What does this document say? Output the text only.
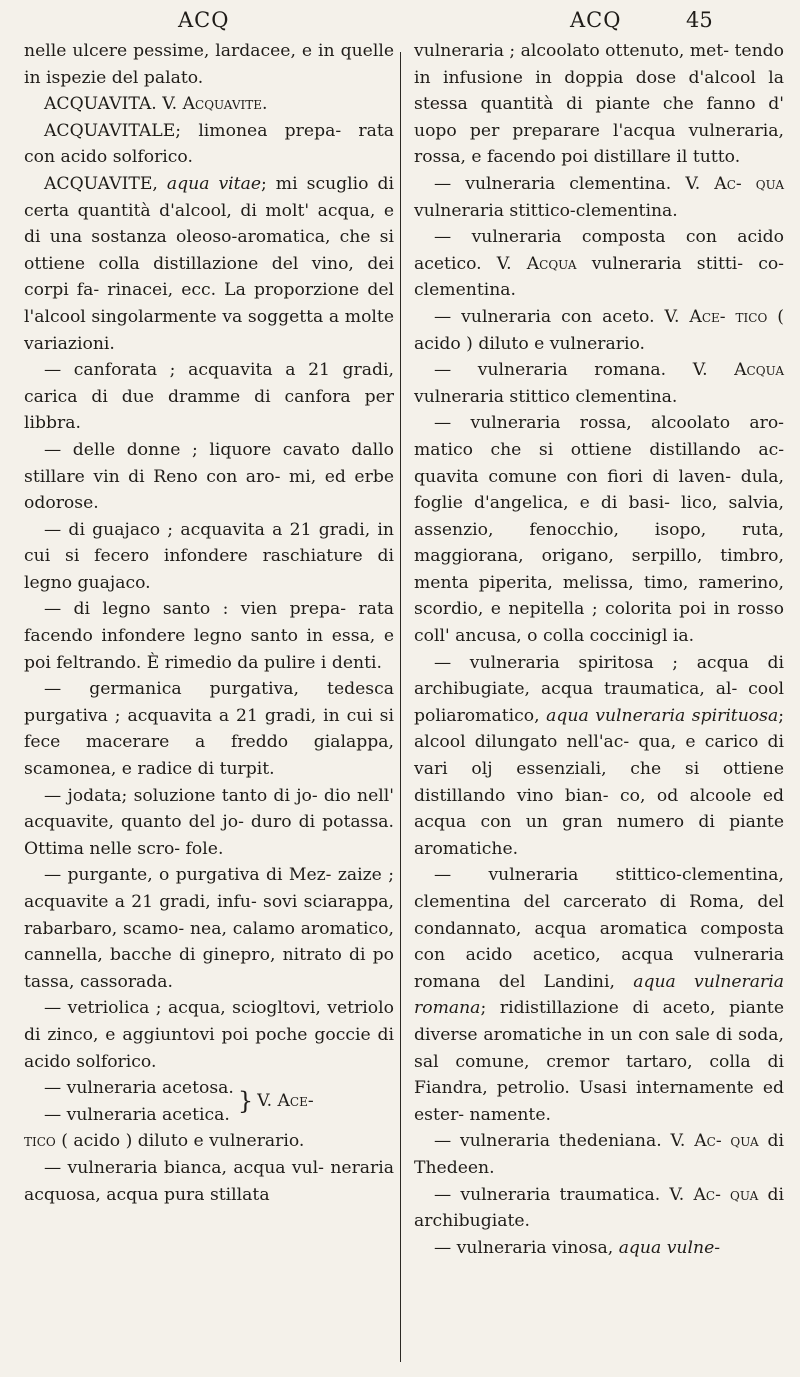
ACQ	ACQ	45

nelle ulcere pessime, lardacee, e in quelle in ispezie del palato.

ACQUAVITA. V. Acquavite.

ACQUAVITALE; limonea prepa- rata con acido solforico.

ACQUAVITE, aqua vitae; mi scuglio di certa quantità d'alcool, di molt' acqua, e di una sostanza oleoso-aromatica, che si ottiene colla distillazione del vino, dei corpi fa- rinacei, ecc. La proporzione del l'alcool singolarmente va soggetta a molte variazioni.

— canforata ; acquavita a 21 gradi, carica di due dramme di canfora per libbra.

— delle donne ; liquore cavato dallo stillare vin di Reno con aro- mi, ed erbe odorose.

— di guajaco ; acquavita a 21 gradi, in cui si fecero infondere raschiature di legno guajaco.

— di legno santo : vien prepa- rata facendo infondere legno santo in essa, e poi feltrando. È rimedio da pulire i denti.

— germanica purgativa, tedesca purgativa ; acquavita a 21 gradi, in cui si fece macerare a freddo gialappa, scamonea, e radice di turpit.

— jodata; soluzione tanto di jo- dio nell' acquavite, quanto del jo- duro di potassa. Ottima nelle scro- fole.

— purgante, o purgativa di Mez- zaize ; acquavite a 21 gradi, infu- sovi sciarappa, rabarbaro, scamo- nea, calamo aromatico, cannella, bacche di ginepro, nitrato di po tassa, cassorada.

— vetriolica ; acqua, sciogltovi, vetriolo di zinco, e aggiuntovi poi poche goccie di acido solforico.

— vulneraria acetosa.
— vulneraria acetica. } V.
Ace-

tico ( acido ) diluto e vulnerario.

— vulneraria bianca, acqua vul- neraria acquosa, acqua pura stillata

vulneraria ; alcoolato ottenuto, met- tendo in infusione in doppia dose d'alcool la stessa quantità di piante che fanno d' uopo per preparare l'acqua vulneraria, rossa, e facendo poi distillare il tutto.

— vulneraria clementina. V. Ac- qua vulneraria stittico-clementina.

— vulneraria composta con acido acetico. V. Acqua vulneraria stitti- co-clementina.

— vulneraria con aceto. V. Ace- tico ( acido ) diluto e vulnerario.

— vulneraria romana. V. Acqua vulneraria stittico clementina.

— vulneraria rossa, alcoolato aro- matico che si ottiene distillando ac- quavita comune con fiori di laven- dula, foglie d'angelica, e di basi- lico, salvia, assenzio, fenocchio, isopo, ruta, maggiorana, origano, serpillo, timbro, menta piperita, melissa, timo, ramerino, scordio, e nepitella ; colorita poi in rosso coll' ancusa, o colla coccinigl ia.

— vulneraria spiritosa ; acqua di archibugiate, acqua traumatica, al- cool poliaromatico, aqua vulneraria spirituosa; alcool dilungato nell'ac- qua, e carico di vari olj essenziali, che si ottiene distillando vino bian- co, od alcoole ed acqua con un gran numero di piante aromatiche.

— vulneraria stittico-clementina, clementina del carcerato di Roma, del condannato, acqua aromatica composta con acido acetico, acqua vulneraria romana del Landini, aqua vulneraria romana; ridistillazione di aceto, piante diverse aromatiche in un con sale di soda, sal comune, cremor tartaro, colla di Fiandra, petrolio. Usasi internamente ed ester- namente.

— vulneraria thedeniana. V. Ac- qua di Thedeen.

— vulneraria traumatica. V. Ac- qua di archibugiate.

— vulneraria vinosa, aqua vulne-
